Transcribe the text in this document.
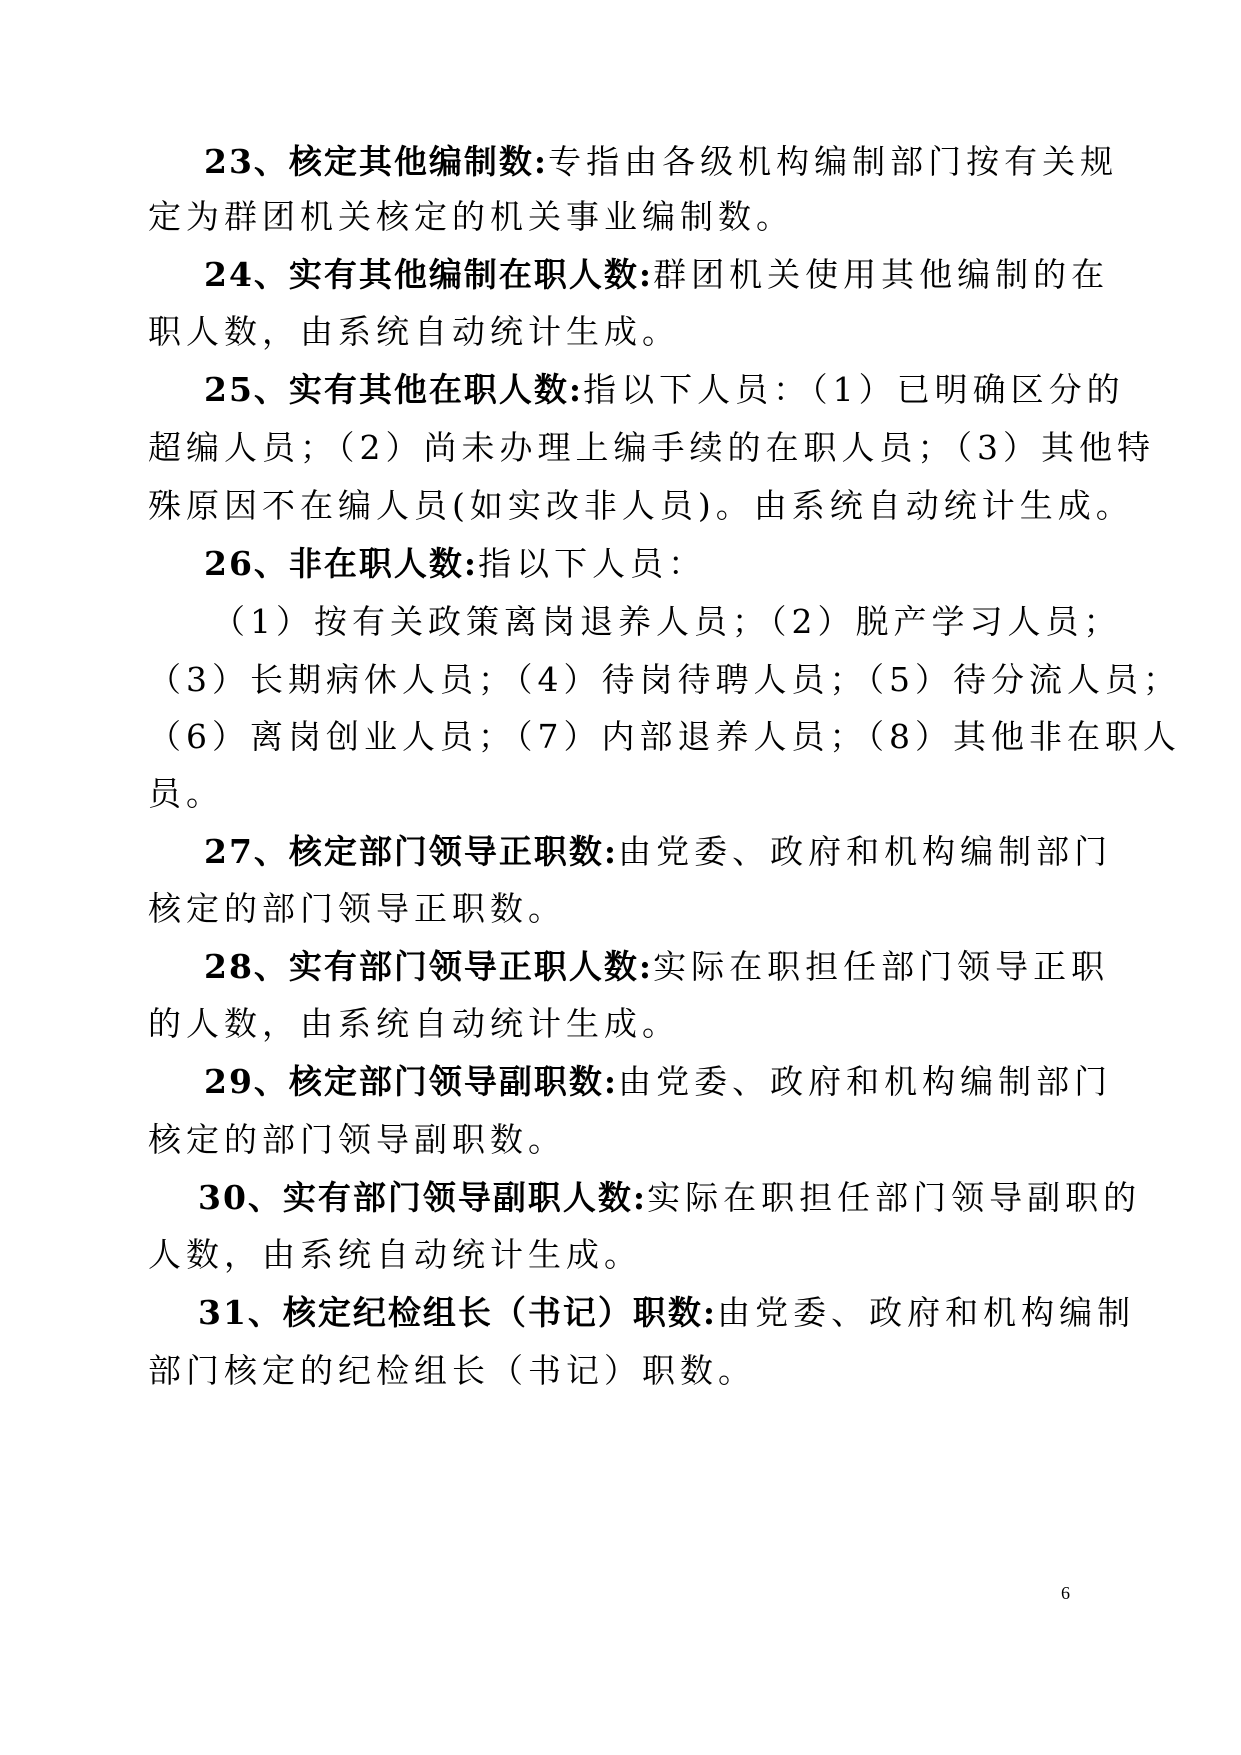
23、核定其他编制数:专指由各级机构编制部门按有关规
定为群团机关核定的机关事业编制数。
24、实有其他编制在职人数:群团机关使用其他编制的在
职人数，由系统自动统计生成。
25、实有其他在职人数:指以下人员：（1）已明确区分的
超编人员；（2）尚未办理上编手续的在职人员；（3）其他特
殊原因不在编人员(如实改非人员)。由系统自动统计生成。
26、非在职人数:指以下人员：
（1）按有关政策离岗退养人员；（2）脱产学习人员；
（3）长期病休人员；（4）待岗待聘人员；（5）待分流人员；
（6）离岗创业人员；（7）内部退养人员；（8）其他非在职人
员。
27、核定部门领导正职数:由党委、政府和机构编制部门
核定的部门领导正职数。
28、实有部门领导正职人数:实际在职担任部门领导正职
的人数，由系统自动统计生成。
29、核定部门领导副职数:由党委、政府和机构编制部门
核定的部门领导副职数。
30、实有部门领导副职人数:实际在职担任部门领导副职的
人数，由系统自动统计生成。
31、核定纪检组长（书记）职数:由党委、政府和机构编制
部门核定的纪检组长（书记）职数。
6
